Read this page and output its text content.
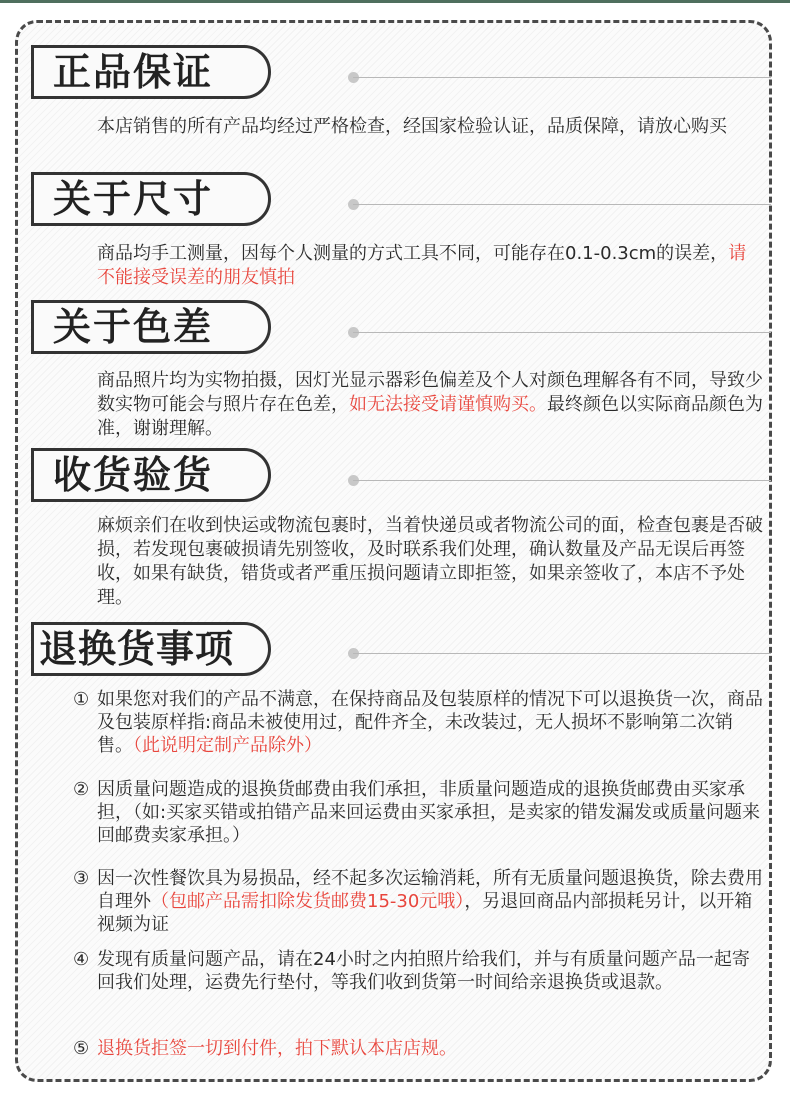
正品保证
本店销售的所有产品均经过严格检查，经国家检验认证，品质保障，请放心购买
关于尺寸
商品均手工测量，因每个人测量的方式工具不同，可能存在0.1-0.3cm的误差，请不能接受误差的朋友慎拍
关于色差
商品照片均为实物拍摄，因灯光显示器彩色偏差及个人对颜色理解各有不同，导致少数实物可能会与照片存在色差，如无法接受请谨慎购买。最终颜色以实际商品颜色为准，谢谢理解。
收货验货
麻烦亲们在收到快运或物流包裹时，当着快递员或者物流公司的面，检查包裹是否破损，若发现包裹破损请先别签收，及时联系我们处理，确认数量及产品无误后再签收，如果有缺货，错货或者严重压损问题请立即拒签，如果亲签收了，本店不予处理。
退换货事项
① 如果您对我们的产品不满意，在保持商品及包装原样的情况下可以退换货一次，商品及包装原样指:商品未被使用过，配件齐全，未改装过，无人损坏不影响第二次销售。（此说明定制产品除外）
② 因质量问题造成的退换货邮费由我们承担，非质量问题造成的退换货邮费由买家承担，（如:买家买错或拍错产品来回运费由买家承担，是卖家的错发漏发或质量问题来回邮费卖家承担。）
③ 因一次性餐饮具为易损品，经不起多次运输消耗，所有无质量问题退换货，除去费用自理外（包邮产品需扣除发货邮费15-30元哦），另退回商品内部损耗另计，以开箱视频为证
④ 发现有质量问题产品，请在24小时之内拍照片给我们，并与有质量问题产品一起寄回我们处理，运费先行垫付，等我们收到货第一时间给亲退换货或退款。
⑤ 退换货拒签一切到付件，拍下默认本店店规。
